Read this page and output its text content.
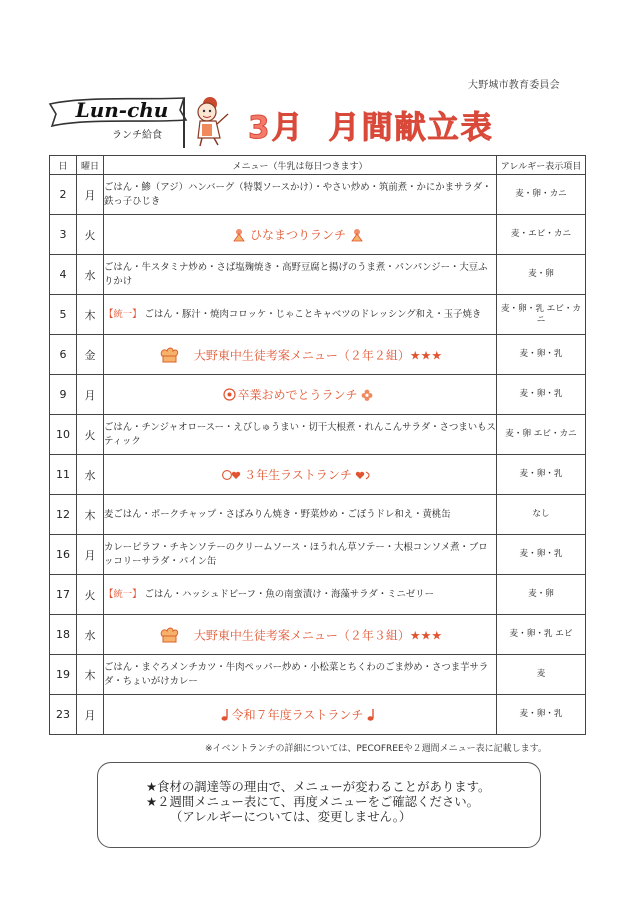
大野城市教育委員会
Lun-chu
ランチ給食	3月 月間献立表
日	曜日	メニュー（牛乳は毎日つきます）	アレルギー表示項目
2	月	ごはん・鯵（アジ）ハンバーグ（特製ソースかけ）・やさい炒め・筑前煮・かにかまサラダ・鉄っ子ひじき	麦・卵・カニ
3	火	ひなまつりランチ	麦・エビ・カニ
4	水	ごはん・牛スタミナ炒め・さば塩麹焼き・高野豆腐と揚げのうま煮・パンパンジー・大豆ふりかけ	麦・卵
5	木	【統一】 ごはん・豚汁・焼肉コロッケ・じゃことキャベツのドレッシング和え・玉子焼き	麦・卵・乳 エビ・カニ
6	金	大野東中生徒考案メニュー（２年２組）★★★	麦・卵・乳
9	月	卒業おめでとうランチ	麦・卵・乳
10	火	ごはん・チンジャオロースー・えびしゅうまい・切干大根煮・れんこんサラダ・さつまいもスティック	麦・卵 エビ・カニ
11	水	３年生ラストランチ	麦・卵・乳
12	木	麦ごはん・ポークチャップ・さばみりん焼き・野菜炒め・ごぼうドレ和え・黄桃缶	なし
16	月	カレーピラフ・チキンソテーのクリームソース・ほうれん草ソテー・大根コンソメ煮・ブロッコリーサラダ・パイン缶	麦・卵・乳
17	火	【統一】 ごはん・ハッシュドビーフ・魚の南蛮漬け・海藻サラダ・ミニゼリー	麦・卵
18	水	大野東中生徒考案メニュー（２年３組）★★★	麦・卵・乳 エビ
19	木	ごはん・まぐろメンチカツ・牛肉ペッパー炒め・小松菜とちくわのごま炒め・さつま芋サラダ・ちょいがけカレー	麦
23	月	令和７年度ラストランチ	麦・卵・乳
※イベントランチの詳細については、PECOFREEや２週間メニュー表に記載します。

★食材の調達等の理由で、メニューが変わることがあります。

★２週間メニュー表にて、再度メニューをご確認ください。

（アレルギーについては、変更しません。）
